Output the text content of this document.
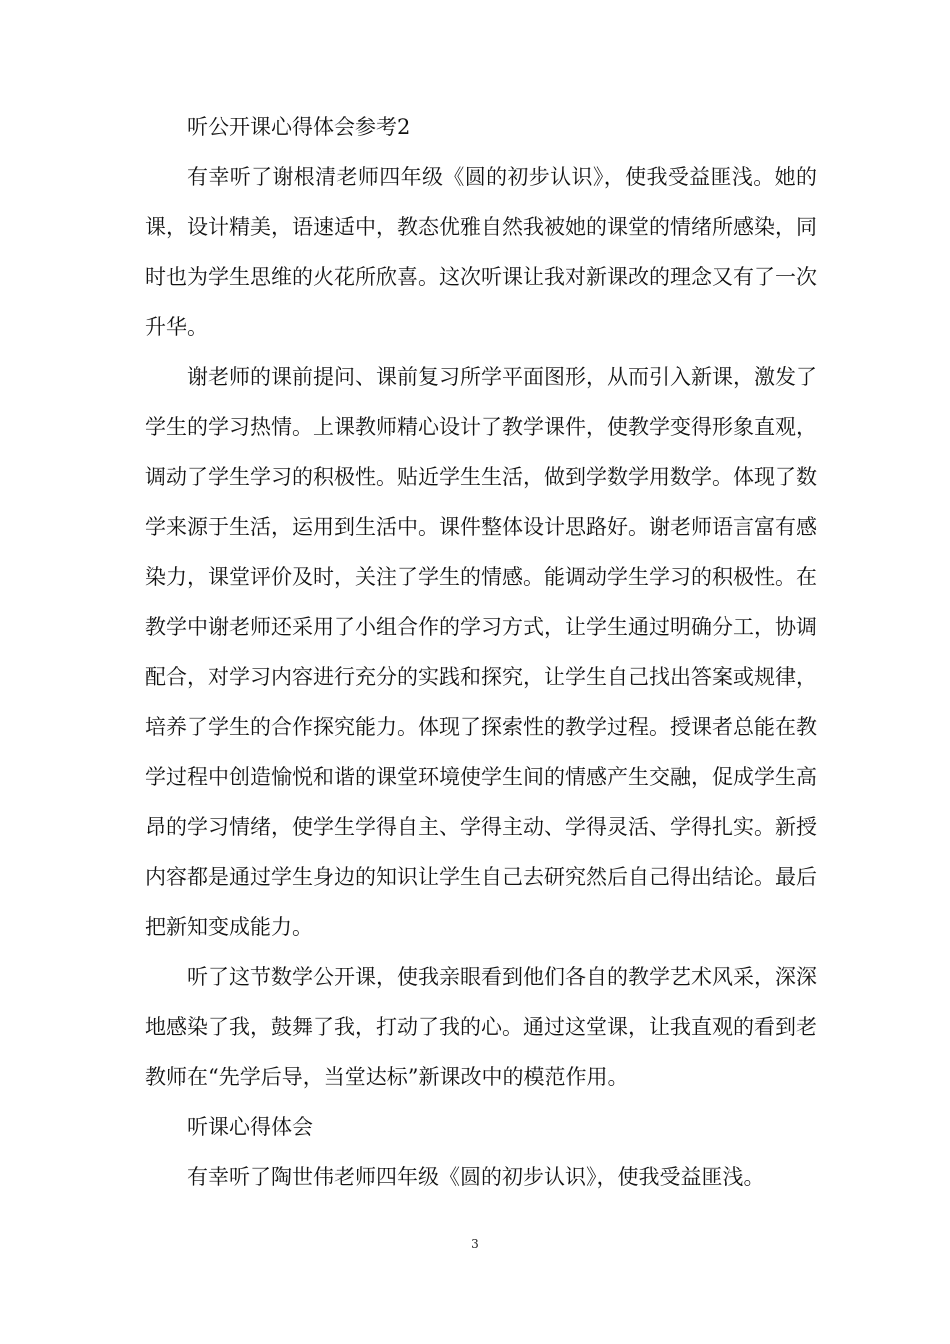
听公开课心得体会参考2

有幸听了谢根清老师四年级《圆的初步认识》，使我受益匪浅。她的课，设计精美，语速适中，教态优雅自然我被她的课堂的情绪所感染，同时也为学生思维的火花所欣喜。这次听课让我对新课改的理念又有了一次升华。

谢老师的课前提问、课前复习所学平面图形，从而引入新课，激发了学生的学习热情。上课教师精心设计了教学课件，使教学变得形象直观，调动了学生学习的积极性。贴近学生生活，做到学数学用数学。体现了数学来源于生活，运用到生活中。课件整体设计思路好。谢老师语言富有感染力，课堂评价及时，关注了学生的情感。能调动学生学习的积极性。在教学中谢老师还采用了小组合作的学习方式，让学生通过明确分工，协调配合，对学习内容进行充分的实践和探究，让学生自己找出答案或规律，培养了学生的合作探究能力。体现了探索性的教学过程。授课者总能在教学过程中创造愉悦和谐的课堂环境使学生间的情感产生交融，促成学生高昂的学习情绪，使学生学得自主、学得主动、学得灵活、学得扎实。新授内容都是通过学生身边的知识让学生自己去研究然后自己得出结论。最后把新知变成能力。

听了这节数学公开课，使我亲眼看到他们各自的教学艺术风采，深深地感染了我，鼓舞了我，打动了我的心。通过这堂课，让我直观的看到老教师在“先学后导，当堂达标”新课改中的模范作用。

听课心得体会

有幸听了陶世伟老师四年级《圆的初步认识》，使我受益匪浅。

3
